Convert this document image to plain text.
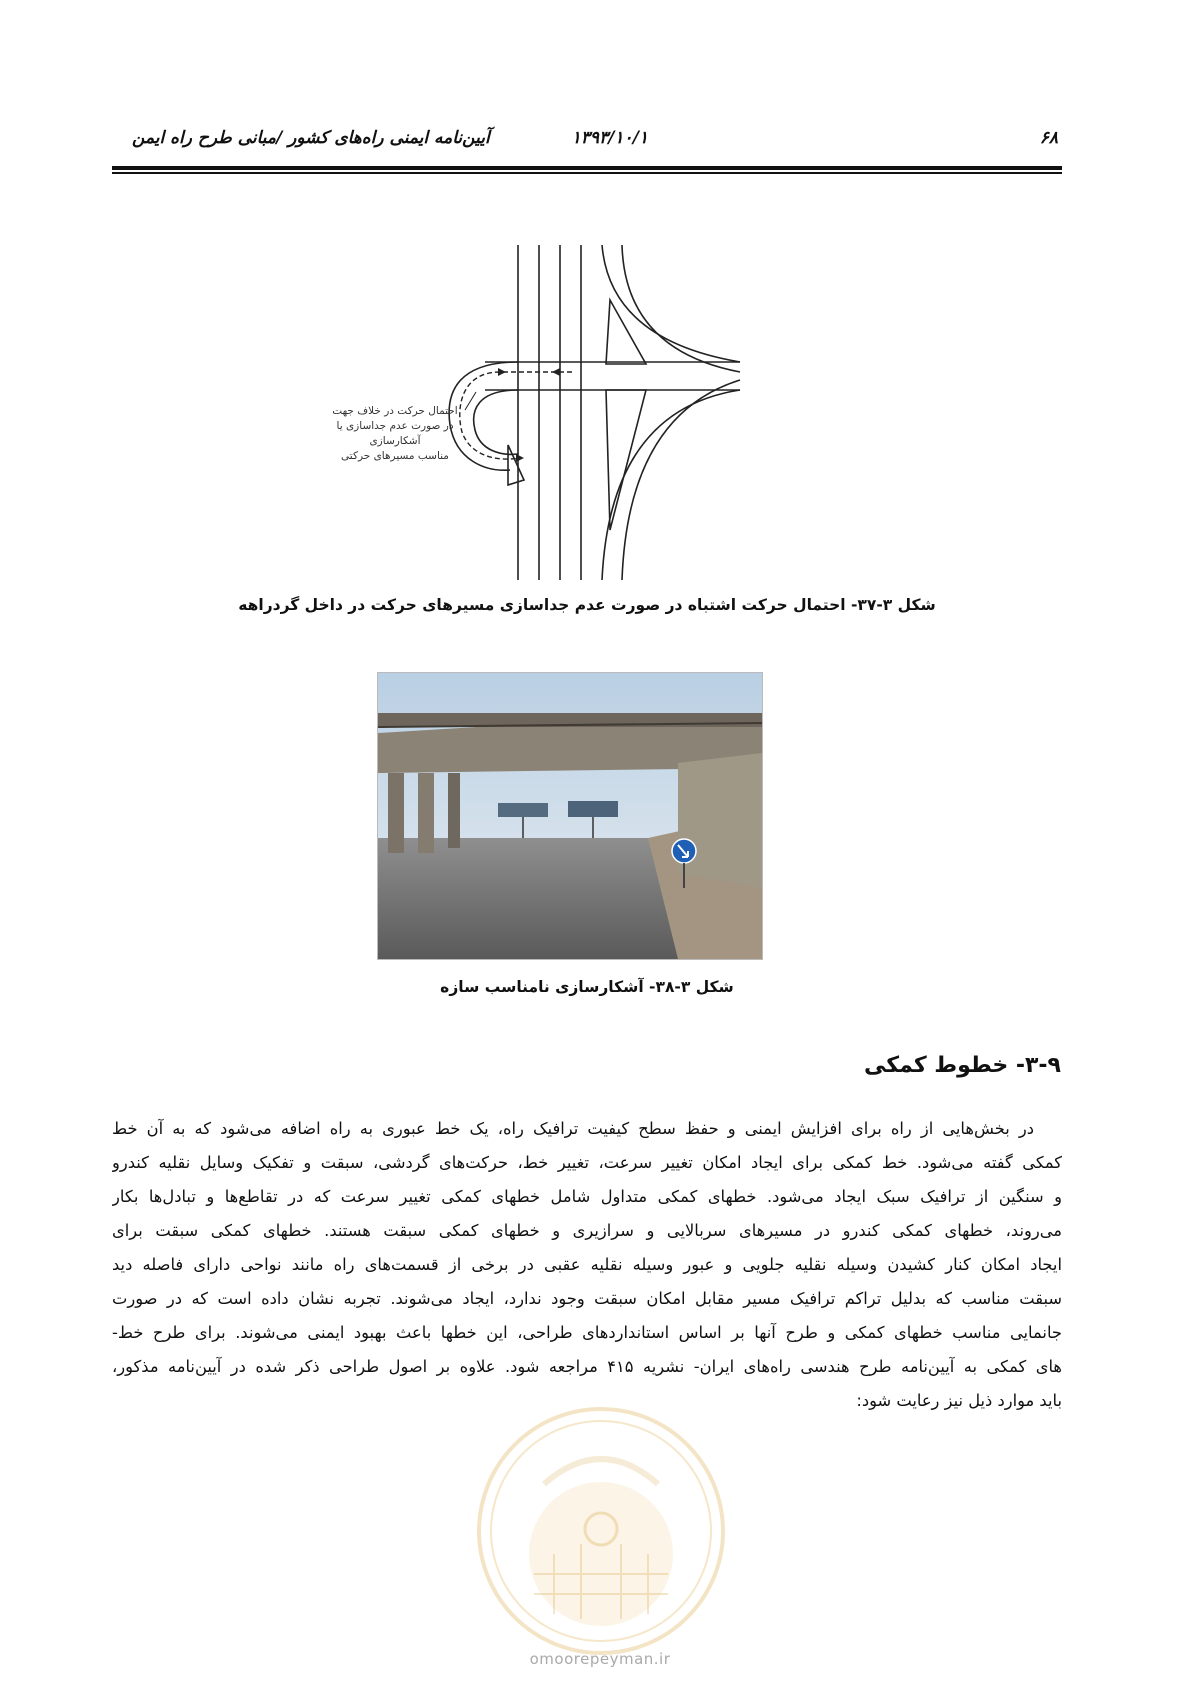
۶۸
۱۳۹۳/۱۰/۱
آیین‌نامه ایمنی راه‌های کشور /مبانی طرح راه ایمن
احتمال حرکت در خلاف جهت
در صورت عدم جداسازی یا آشکارسازی
مناسب مسیرهای حرکتی
شکل ۳-۳۷- احتمال حرکت اشتباه در صورت عدم جداسازی مسیرهای حرکت در داخل گردراهه
شکل ۳-۳۸- آشکارسازی نامناسب سازه
۳-۹- خطوط کمکی
در بخش‌هایی از راه برای افزایش ایمنی و حفظ سطح کیفیت ترافیک راه، یک خط عبوری به راه اضافه می‌شود که به آن خط
کمکی گفته می‌شود. خط کمکی برای ایجاد امکان تغییر سرعت، تغییر خط، حرکت‌های گردشی، سبقت و تفکیک وسایل نقلیه کندرو
و سنگین از ترافیک سبک ایجاد می‌شود. خطهای کمکی متداول شامل خطهای کمکی تغییر سرعت که در تقاطع‌ها و تبادل‌ها بکار
می‌روند، خطهای کمکی کندرو در مسیرهای سربالایی و سرازیری و خطهای کمکی سبقت هستند. خطهای کمکی سبقت برای
ایجاد امکان کنار کشیدن وسیله نقلیه جلویی و عبور وسیله نقلیه عقبی در برخی از قسمت‌های راه مانند نواحی دارای فاصله دید
سبقت مناسب که بدلیل تراکم ترافیک مسیر مقابل امکان سبقت وجود ندارد، ایجاد می‌شوند. تجربه نشان داده است که در صورت
جانمایی مناسب خطهای کمکی و طرح آنها بر اساس استانداردهای طراحی، این خطها باعث بهبود ایمنی می‌شوند. برای طرح خط-
های کمکی به آیین‌نامه طرح هندسی راه‌های ایران- نشریه ۴۱۵ مراجعه شود. علاوه بر اصول طراحی ذکر شده در آیین‌نامه مذکور،
باید موارد ذیل نیز رعایت شود:
omoorepeyman.ir
